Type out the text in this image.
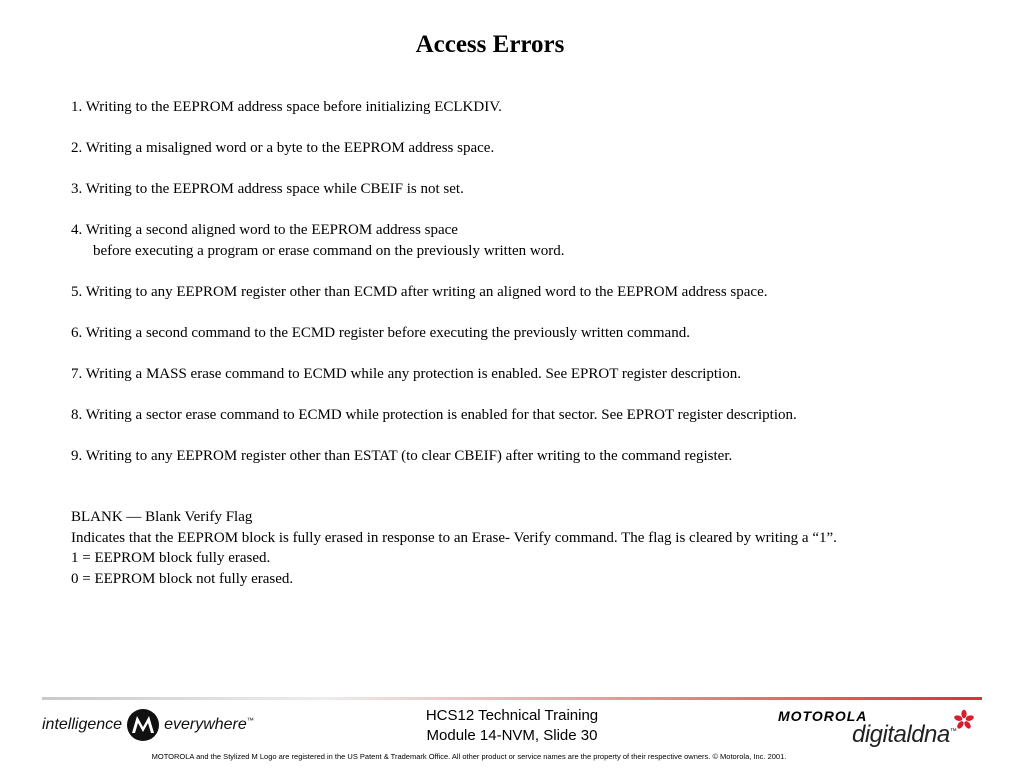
Access Errors
1. Writing to the EEPROM address space before initializing ECLKDIV.
2. Writing a misaligned word or a byte to the EEPROM address space.
3. Writing to the EEPROM address space while CBEIF is not set.
4. Writing a second aligned word to the EEPROM address space
before executing a program or erase command on the previously written word.
5. Writing to any EEPROM register other than ECMD after writing an aligned word to the EEPROM address space.
6. Writing a second command to the ECMD register before executing the previously written command.
7. Writing a MASS erase command to ECMD while any protection is enabled. See EPROT register description.
8. Writing a sector erase command to ECMD while protection is enabled for that sector. See EPROT register description.
9. Writing to any EEPROM register other than ESTAT (to clear CBEIF) after writing to the command register.
BLANK — Blank Verify Flag
Indicates that the EEPROM block is fully erased in response to an Erase- Verify command. The flag is cleared by writing a “1”.
1 = EEPROM block fully erased.
0 = EEPROM block not fully erased.
intelligence	everywhere™	HCS12 Technical Training
Module 14-NVM, Slide 30
MOTOROLA
digitaldna™
MOTOROLA and the Stylized M Logo are registered in the US Patent & Trademark Office. All other product or service names are the property of their respective owners. © Motorola, Inc. 2001.
